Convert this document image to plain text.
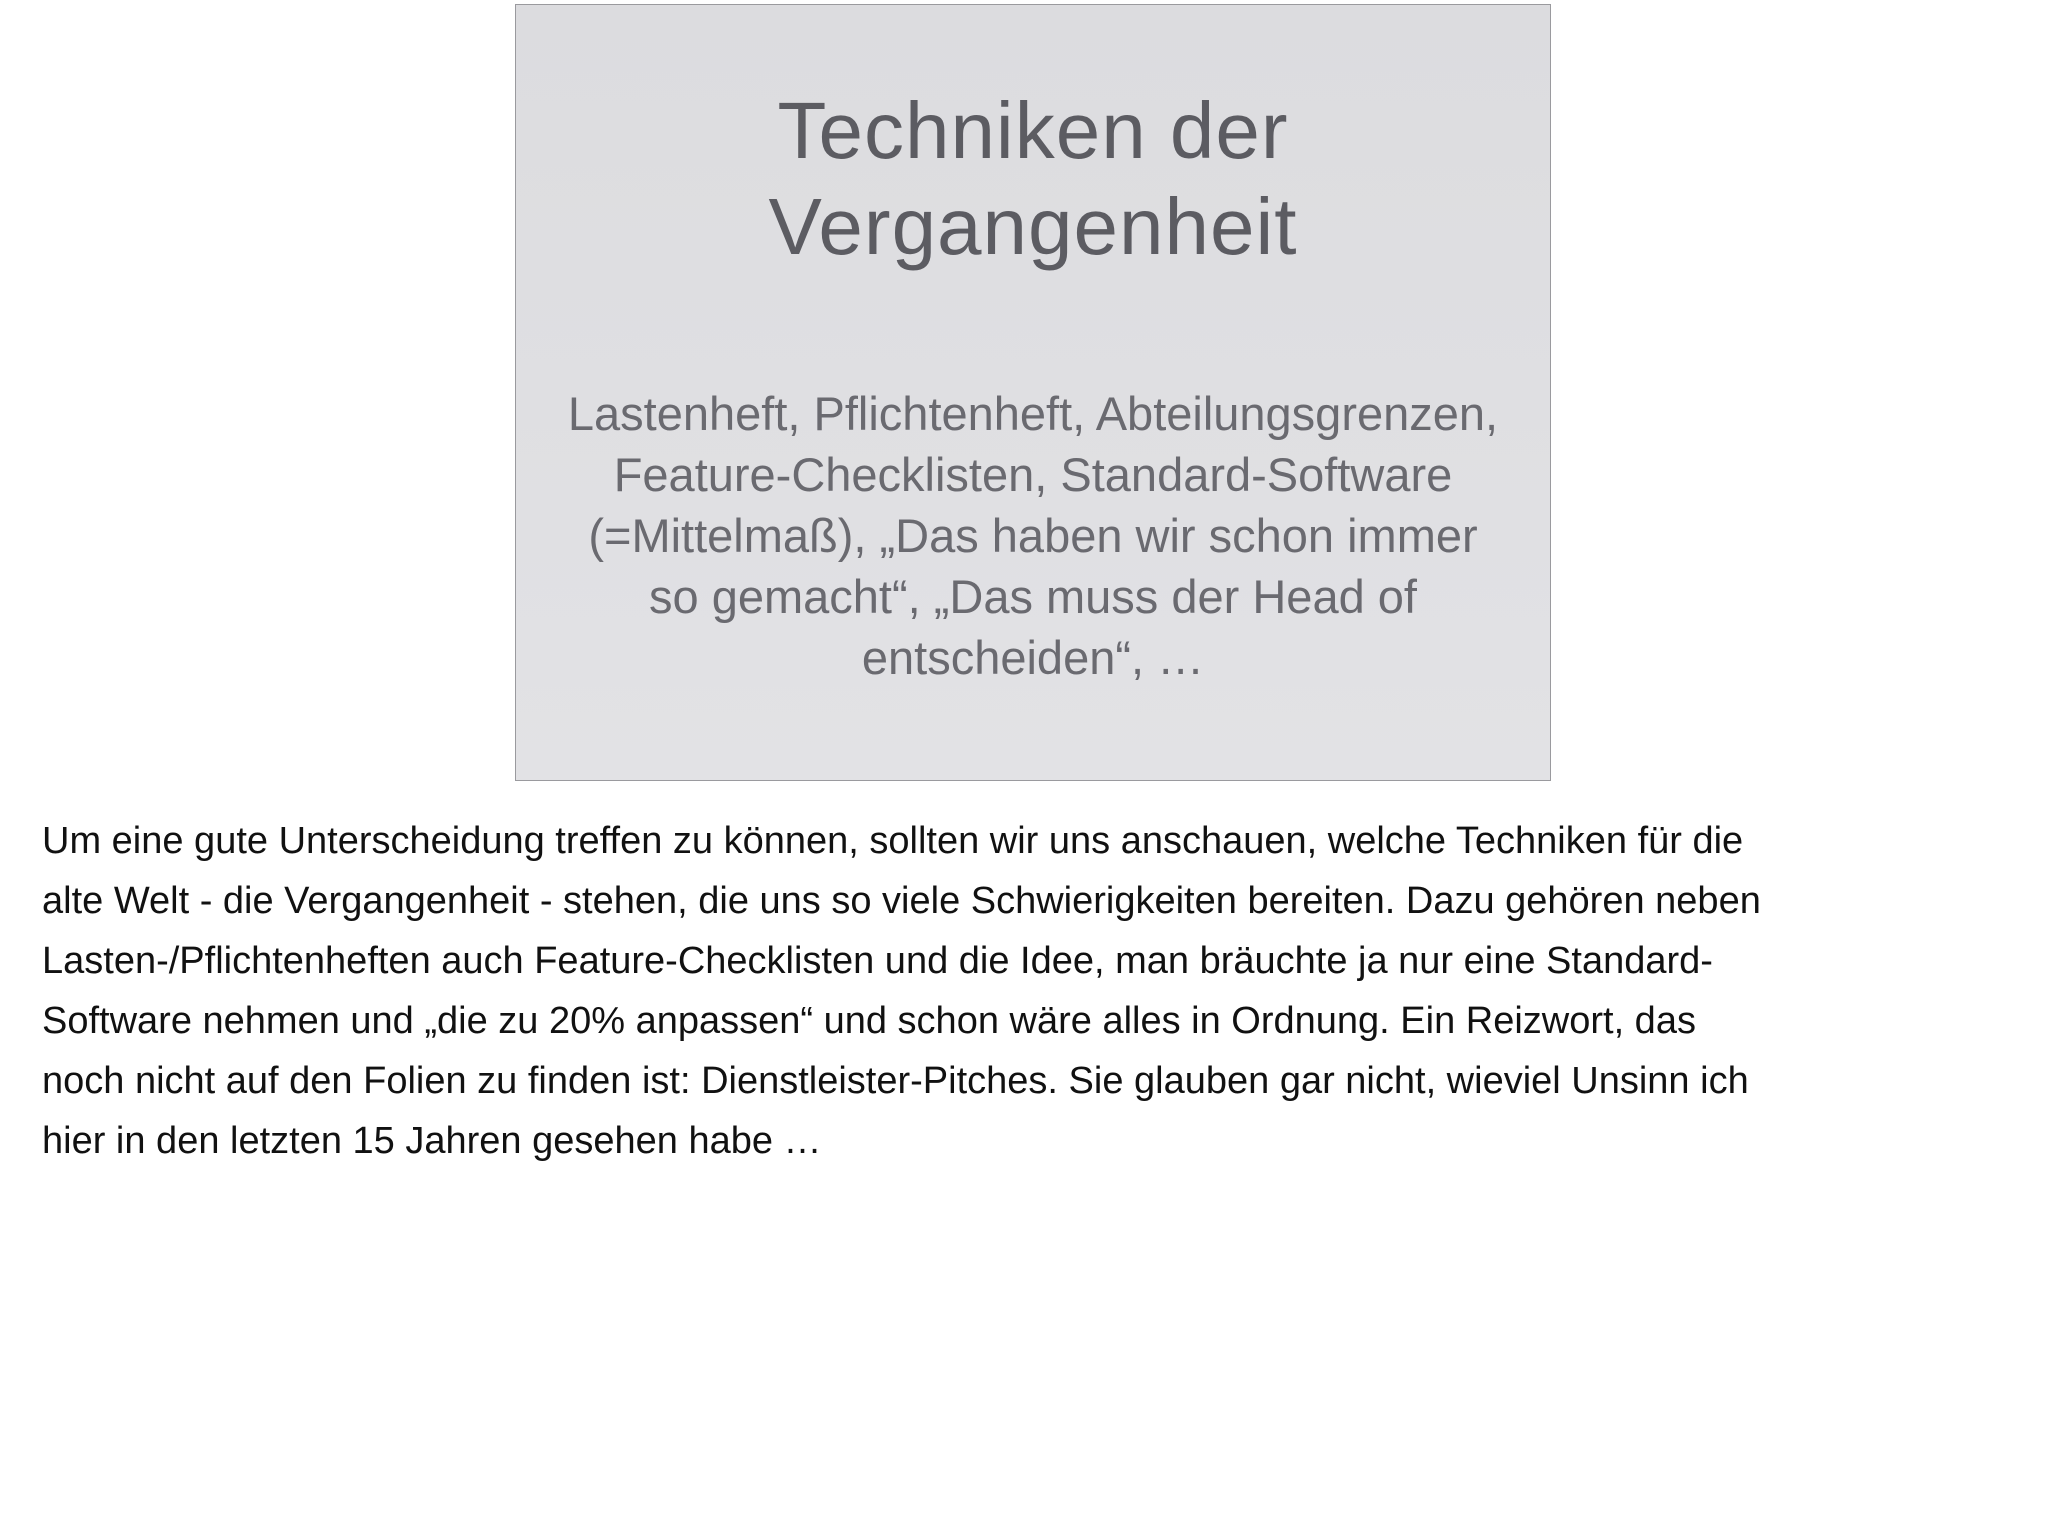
Techniken der
Vergangenheit

Lastenheft, Pflichtenheft, Abteilungsgrenzen,
Feature-Checklisten, Standard-Software
(=Mittelmaß), „Das haben wir schon immer
so gemacht“, „Das muss der Head of
entscheiden“, …

Um eine gute Unterscheidung treffen zu können, sollten wir uns anschauen, welche Techniken für die
alte Welt - die Vergangenheit - stehen, die uns so viele Schwierigkeiten bereiten. Dazu gehören neben
Lasten-/Pflichtenheften auch Feature-Checklisten und die Idee, man bräuchte ja nur eine Standard-
Software nehmen und „die zu 20% anpassen“ und schon wäre alles in Ordnung. Ein Reizwort, das
noch nicht auf den Folien zu finden ist: Dienstleister-Pitches. Sie glauben gar nicht, wieviel Unsinn ich
hier in den letzten 15 Jahren gesehen habe …
